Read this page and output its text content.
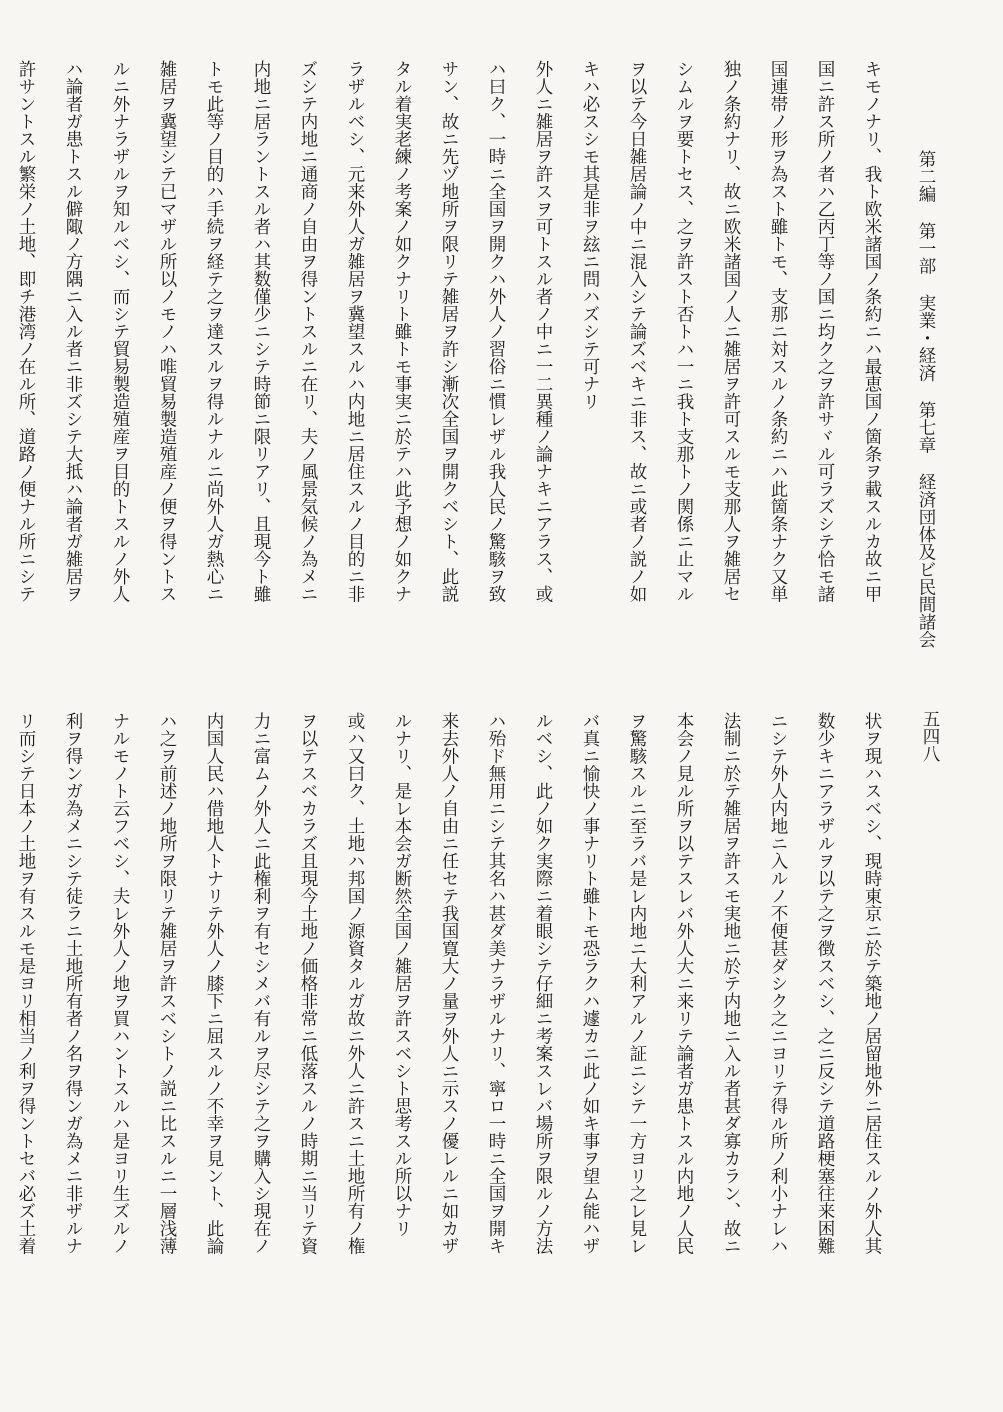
第二編 第一部 実業・経済 第七章 経済団体及ビ民間諸会
五四八
キモノナリ、我ト欧米諸国ノ条約ニハ最恵国ノ箇条ヲ載スルカ故ニ甲
国ニ許ス所ノ者ハ乙丙丁等ノ国ニ均ク之ヲ許サヾル可ラズシテ恰モ諸
国連帯ノ形ヲ為スト雖トモ、支那ニ対スルノ条約ニハ此箇条ナク又単
独ノ条約ナリ、故ニ欧米諸国ノ人ニ雑居ヲ許可スルモ支那人ヲ雑居セ
シムルヲ要トセス、之ヲ許スト否トハ一ニ我ト支那トノ関係ニ止マル
ヲ以テ今日雑居論ノ中ニ混入シテ論ズベキニ非ス、故ニ或者ノ説ノ如
キハ必スシモ其是非ヲ玆ニ問ハズシテ可ナリ
外人ニ雑居ヲ許スヲ可トスル者ノ中ニ一二異種ノ論ナキニアラス、或
ハ曰ク、一時ニ全国ヲ開クハ外人ノ習俗ニ慣レザル我人民ノ驚駭ヲ致
サン、故ニ先ヅ地所ヲ限リテ雑居ヲ許シ漸次全国ヲ開クベシト、此説
タル着実老練ノ考案ノ如クナリト雖トモ事実ニ於テハ此予想ノ如クナ
ラザルベシ、元来外人ガ雑居ヲ冀望スルハ内地ニ居住スルノ目的ニ非
ズシテ内地ニ通商ノ自由ヲ得ントスルニ在リ、夫ノ風景気候ノ為メニ
内地ニ居ラントスル者ハ其数僅少ニシテ時節ニ限リアリ、且現今ト雖
トモ此等ノ目的ハ手続ヲ経テ之ヲ達スルヲ得ルナルニ尚外人ガ熱心ニ
雑居ヲ冀望シテ已マザル所以ノモノハ唯貿易製造殖産ノ便ヲ得ントス
ルニ外ナラザルヲ知ルベシ、而シテ貿易製造殖産ヲ目的トスルノ外人
ハ論者ガ患トスル僻陬ノ方隅ニ入ル者ニ非ズシテ大抵ハ論者ガ雑居ヲ
許サントスル繁栄ノ土地、即チ港湾ノ在ル所、道路ノ便ナル所ニシテ
状ヲ現ハスベシ、現時東京ニ於テ築地ノ居留地外ニ居住スルノ外人其
数少キニアラザルヲ以テ之ヲ徴スベシ、之ニ反シテ道路梗塞往来困難
ニシテ外人内地ニ入ルノ不便甚ダシク之ニヨリテ得ル所ノ利小ナレハ
法制ニ於テ雑居ヲ許スモ実地ニ於テ内地ニ入ル者甚ダ寡カラン、故ニ
本会ノ見ル所ヲ以テスレバ外人大ニ来リテ論者ガ患トスル内地ノ人民
ヲ驚駭スルニ至ラバ是レ内地ニ大利アルノ証ニシテ一方ヨリ之レ見レ
バ真ニ愉快ノ事ナリト雖トモ恐ラクハ遽カニ此ノ如キ事ヲ望ム能ハザ
ルベシ、此ノ如ク実際ニ着眼シテ仔細ニ考案スレバ場所ヲ限ルノ方法
ハ殆ド無用ニシテ其名ハ甚ダ美ナラザルナリ、寧ロ一時ニ全国ヲ開キ
来去外人ノ自由ニ任セテ我国寛大ノ量ヲ外人ニ示スノ優レルニ如カザ
ルナリ、是レ本会ガ断然全国ノ雑居ヲ許スベシト思考スル所以ナリ
或ハ又曰ク、土地ハ邦国ノ源資タルガ故ニ外人ニ許スニ土地所有ノ権
ヲ以テスベカラズ且現今土地ノ価格非常ニ低落スルノ時期ニ当リテ資
力ニ富ムノ外人ニ此権利ヲ有セシメバ有ルヲ尽シテ之ヲ購入シ現在ノ
内国人民ハ借地人トナリテ外人ノ膝下ニ屈スルノ不幸ヲ見ント、此論
ハ之ヲ前述ノ地所ヲ限リテ雑居ヲ許スベシトノ説ニ比スルニ一層浅薄
ナルモノト云フベシ、夫レ外人ノ地ヲ買ハントスルハ是ヨリ生ズルノ
利ヲ得ンガ為メニシテ徒ラニ土地所有者ノ名ヲ得ンガ為メニ非ザルナ
リ而シテ日本ノ土地ヲ有スルモ是ヨリ相当ノ利ヲ得ントセバ必ズ土着
